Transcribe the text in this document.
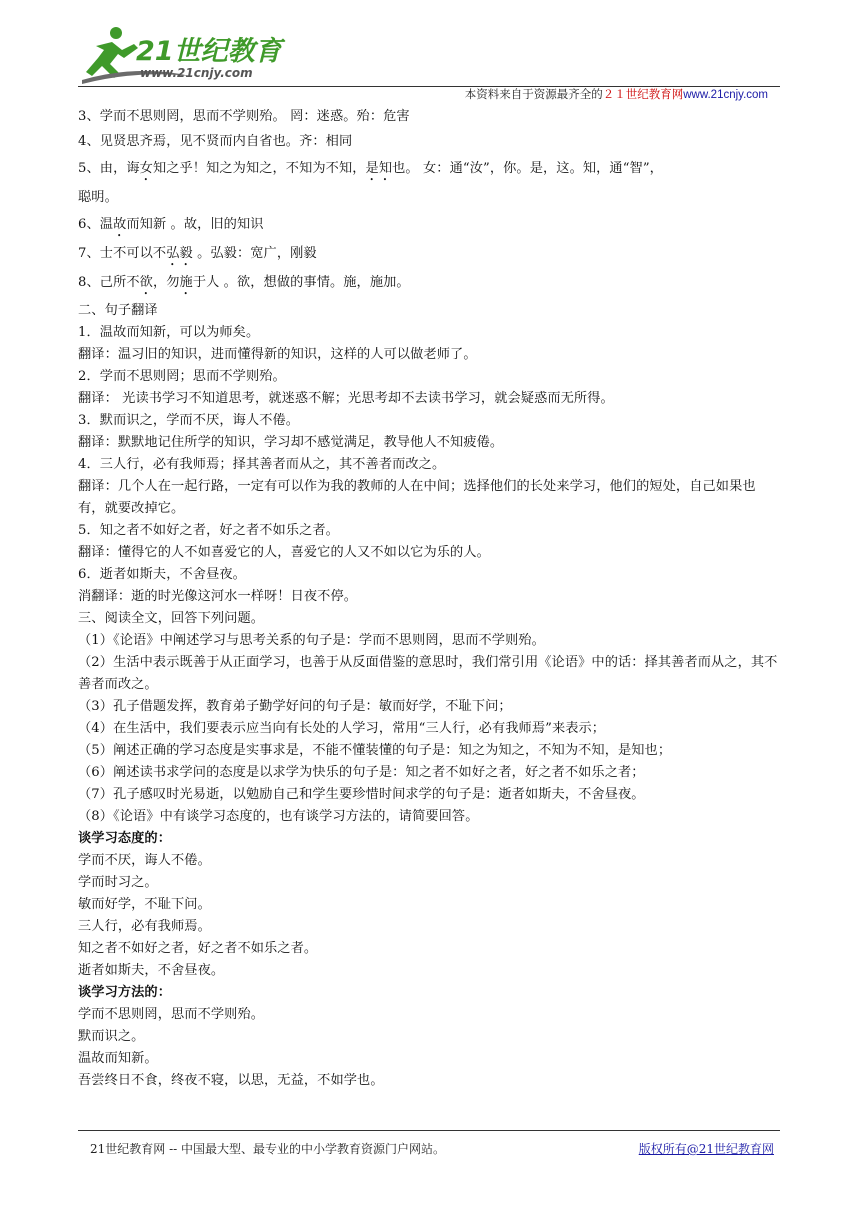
21世纪教育
www.21cnjy.com
本资料来自于资源最齐全的２１世纪教育网www.21cnjy.com

3、学而不思则罔，思而不学则殆。 罔：迷惑。殆：危害

4、见贤思齐焉，见不贤而内自省也。齐：相同

5、由，诲女知之乎！知之为知之，不知为不知，是知也。 女：通“汝”，你。是，这。知，通“智”，

聪明。

6、温故而知新 。故，旧的知识

7、士不可以不弘毅 。弘毅：宽广，刚毅

8、己所不欲，勿施于人 。欲，想做的事情。施，施加。

二、句子翻译

1．温故而知新，可以为师矣。

翻译：温习旧的知识，进而懂得新的知识，这样的人可以做老师了。

2．学而不思则罔；思而不学则殆。

翻译： 光读书学习不知道思考，就迷惑不解；光思考却不去读书学习，就会疑惑而无所得。

3．默而识之，学而不厌，诲人不倦。

翻译：默默地记住所学的知识，学习却不感觉满足，教导他人不知疲倦。

4．三人行，必有我师焉；择其善者而从之，其不善者而改之。

翻译：几个人在一起行路，一定有可以作为我的教师的人在中间；选择他们的长处来学习，他们的短处，自己如果也有，就要改掉它。

5．知之者不如好之者，好之者不如乐之者。

翻译：懂得它的人不如喜爱它的人，喜爱它的人又不如以它为乐的人。

6．逝者如斯夫，不舍昼夜。

消翻译：逝的时光像这河水一样呀！日夜不停。

三、阅读全文，回答下列问题。

（1）《论语》中阐述学习与思考关系的句子是：学而不思则罔，思而不学则殆。

（2）生活中表示既善于从正面学习，也善于从反面借鉴的意思时，我们常引用《论语》中的话：择其善者而从之，其不善者而改之。

（3）孔子借题发挥，教育弟子勤学好问的句子是：敏而好学，不耻下问；

（4）在生活中，我们要表示应当向有长处的人学习，常用“三人行，必有我师焉”来表示；

（5）阐述正确的学习态度是实事求是，不能不懂装懂的句子是：知之为知之，不知为不知，是知也；

（6）阐述读书求学问的态度是以求学为快乐的句子是：知之者不如好之者，好之者不如乐之者；

（7）孔子感叹时光易逝，以勉励自己和学生要珍惜时间求学的句子是：逝者如斯夫，不舍昼夜。

（8）《论语》中有谈学习态度的，也有谈学习方法的，请简要回答。

谈学习态度的：

学而不厌，诲人不倦。

学而时习之。

敏而好学，不耻下问。

三人行，必有我师焉。

知之者不如好之者，好之者不如乐之者。

逝者如斯夫，不舍昼夜。

谈学习方法的：

学而不思则罔，思而不学则殆。

默而识之。

温故而知新。

吾尝终日不食，终夜不寝，以思，无益，不如学也。

21世纪教育网 -- 中国最大型、最专业的中小学教育资源门户网站。	版权所有@21世纪教育网
